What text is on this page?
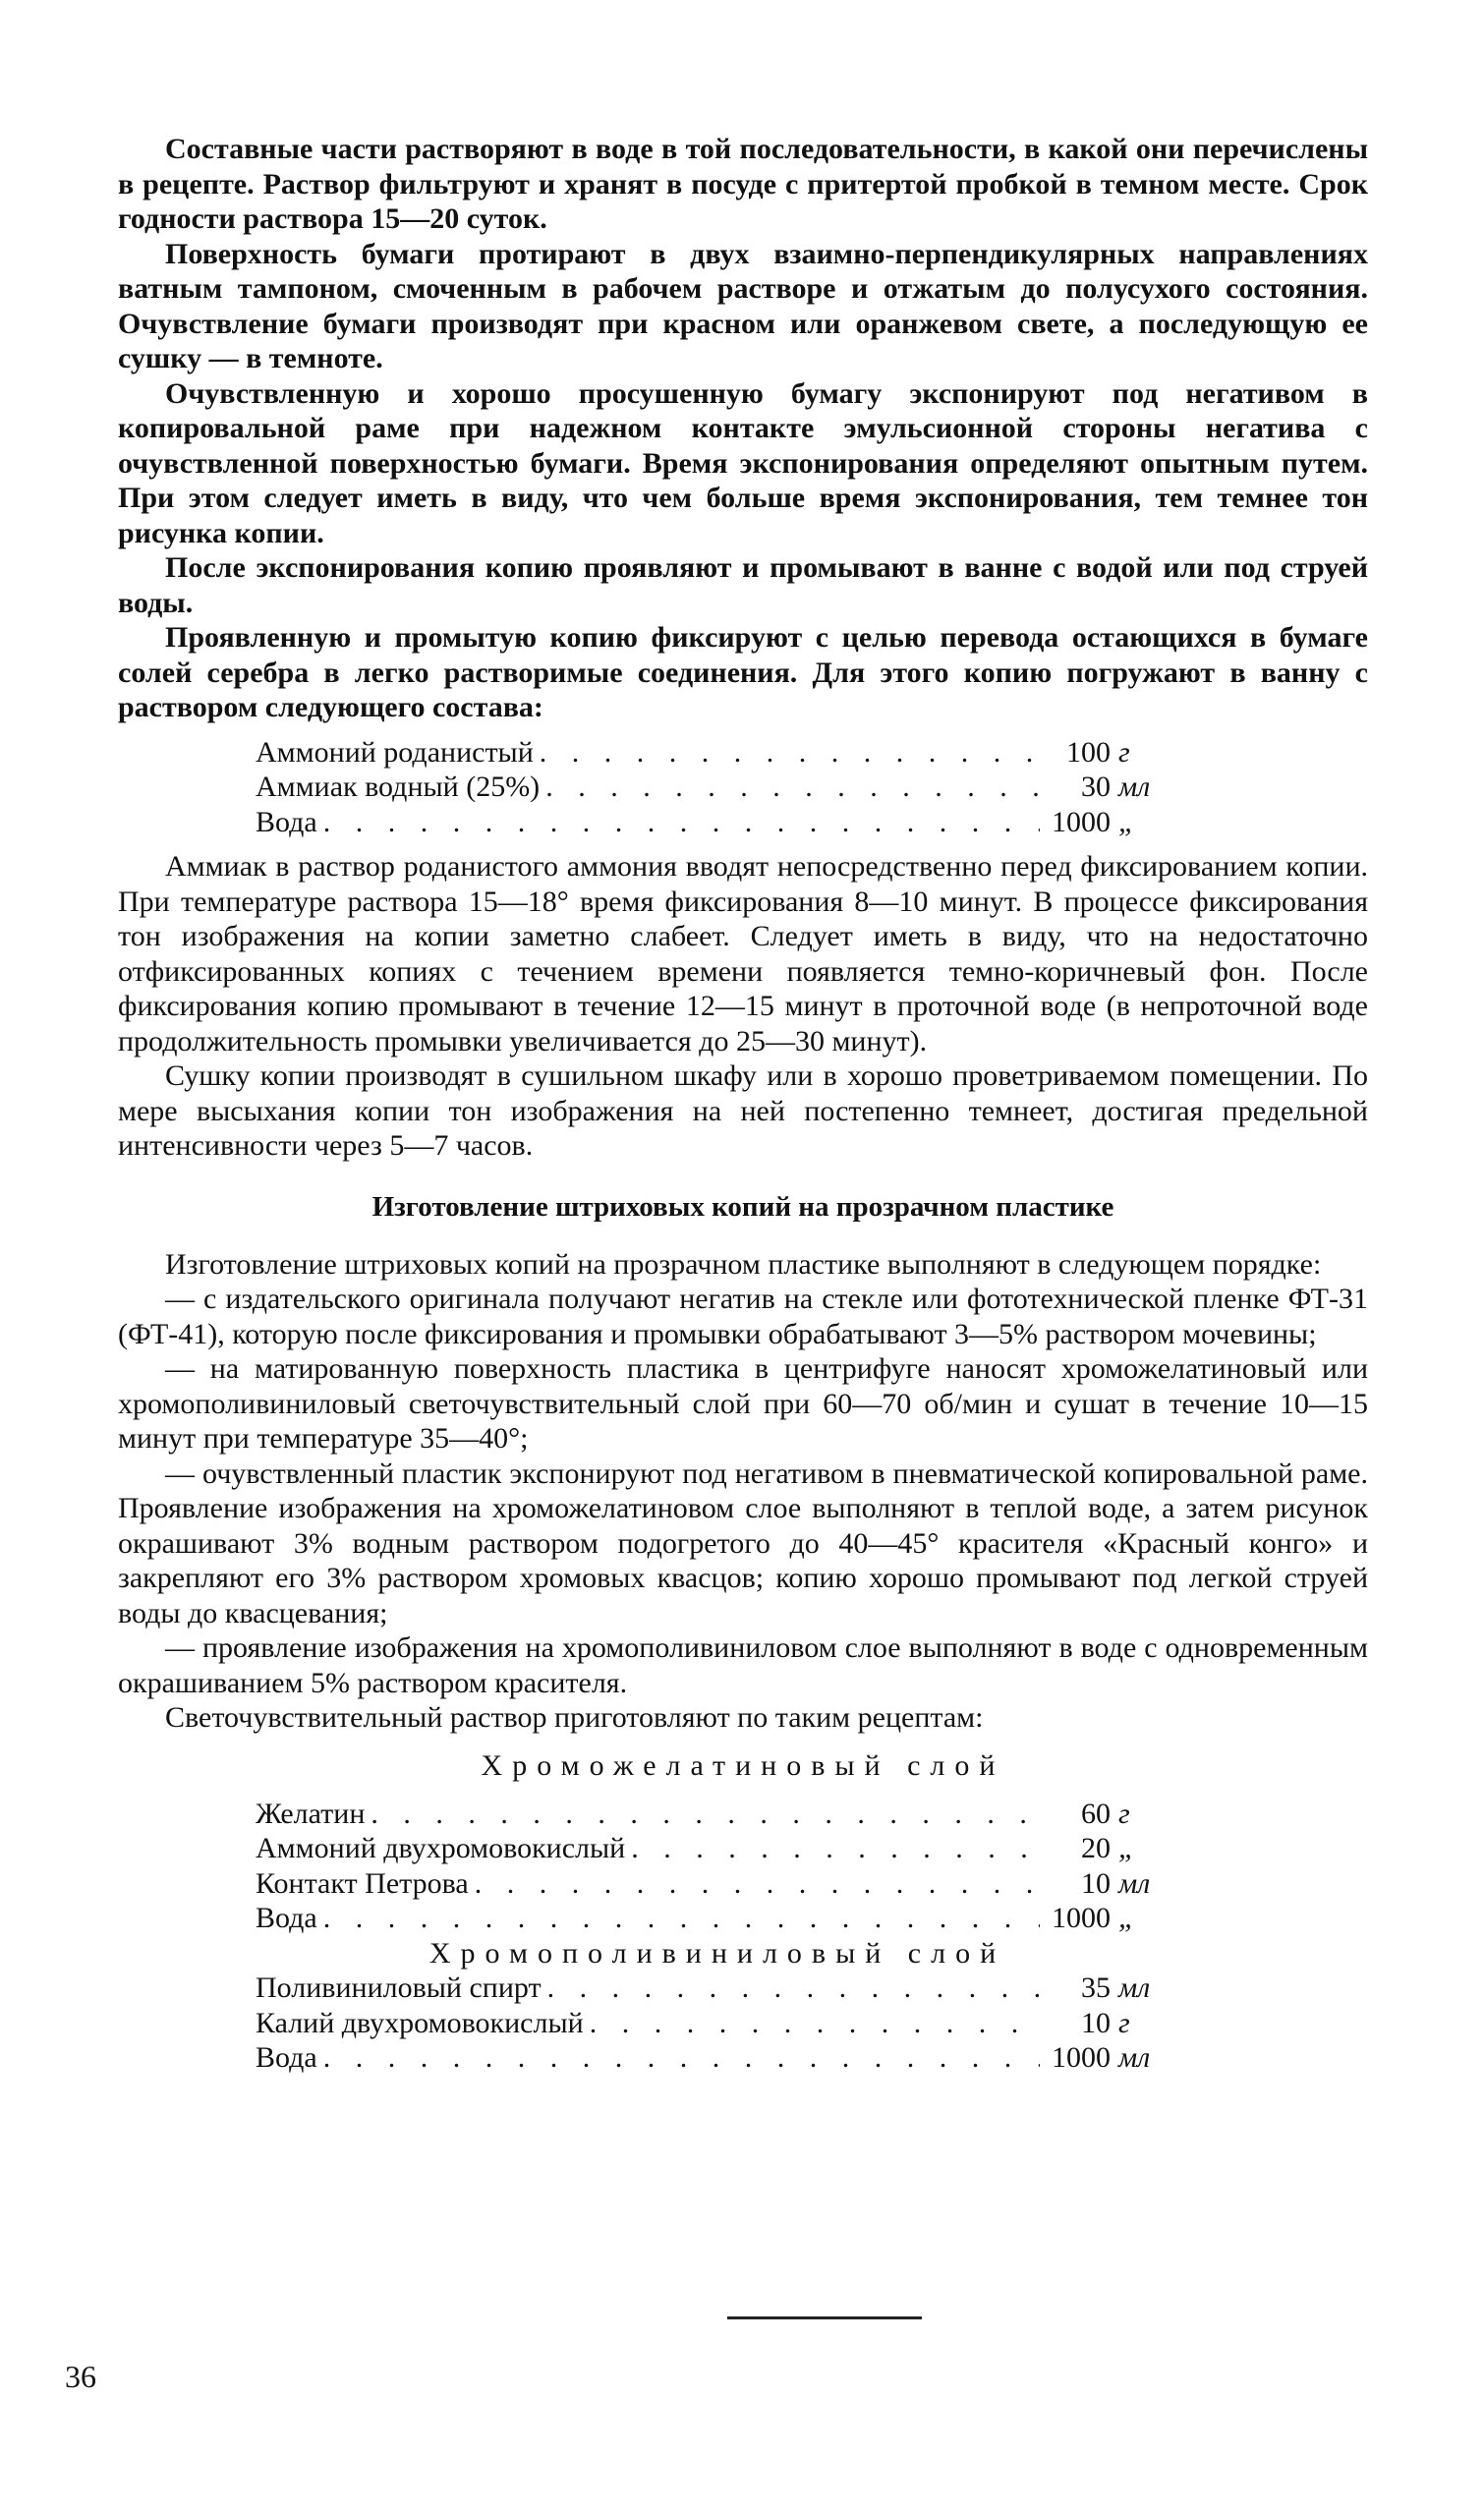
Составные части растворяют в воде в той последовательности, в какой они перечислены в рецепте. Раствор фильтруют и хранят в посуде с притертой пробкой в темном месте. Срок годности раствора 15—20 суток.

Поверхность бумаги протирают в двух взаимно-перпендикулярных направлениях ватным тампоном, смоченным в рабочем растворе и отжатым до полусухого состояния. Очувствление бумаги производят при красном или оранжевом свете, а последующую ее сушку — в темноте.

Очувствленную и хорошо просушенную бумагу экспонируют под негативом в копировальной раме при надежном контакте эмульсионной стороны негатива с очувствленной поверхностью бумаги. Время экспонирования определяют опытным путем. При этом следует иметь в виду, что чем больше время экспонирования, тем темнее тон рисунка копии.

После экспонирования копию проявляют и промывают в ванне с водой или под струей воды.

Проявленную и промытую копию фиксируют с целью перевода остающихся в бумаге солей серебра в легко растворимые соединения. Для этого копию погружают в ванну с раствором следующего состава:

Аммоний роданистый . . .	100 г
Аммиак водный (25%) . . .	30 мл
Вода . . .	1000 „

Аммиак в раствор роданистого аммония вводят непосредственно перед фиксированием копии. При температуре раствора 15—18° время фиксирования 8—10 минут. В процессе фиксирования тон изображения на копии заметно слабеет. Следует иметь в виду, что на недостаточно отфиксированных копиях с течением времени появляется темно-коричневый фон. После фиксирования копию промывают в течение 12—15 минут в проточной воде (в непроточной воде продолжительность промывки увеличивается до 25—30 минут).

Сушку копии производят в сушильном шкафу или в хорошо проветриваемом помещении. По мере высыхания копии тон изображения на ней постепенно темнеет, достигая предельной интенсивности через 5—7 часов.

Изготовление штриховых копий на прозрачном пластике

Изготовление штриховых копий на прозрачном пластике выполняют в следующем порядке:

— с издательского оригинала получают негатив на стекле или фототехнической пленке ФТ-31 (ФТ-41), которую после фиксирования и промывки обрабатывают 3—5% раствором мочевины;

— на матированную поверхность пластика в центрифуге наносят хроможелатиновый или хромополивиниловый светочувствительный слой при 60—70 об/мин и сушат в течение 10—15 минут при температуре 35—40°;

— очувствленный пластик экспонируют под негативом в пневматической копировальной раме. Проявление изображения на хроможелатиновом слое выполняют в теплой воде, а затем рисунок окрашивают 3% водным раствором подогретого до 40—45° красителя «Красный конго» и закрепляют его 3% раствором хромовых квасцов; копию хорошо промывают под легкой струей воды до квасцевания;

— проявление изображения на хромополивиниловом слое выполняют в воде с одновременным окрашиванием 5% раствором красителя.

Светочувствительный раствор приготовляют по таким рецептам:

Хроможелатиновый слой
Желатин . . .	60 г
Аммоний двухромовокислый . . .	20 „
Контакт Петрова . . .	10 мл
Вода . . .	1000 „
Хромополивиниловый слой
Поливиниловый спирт . . .	35 мл
Калий двухромовокислый . . .	10 г
Вода . . .	1000 мл
36
